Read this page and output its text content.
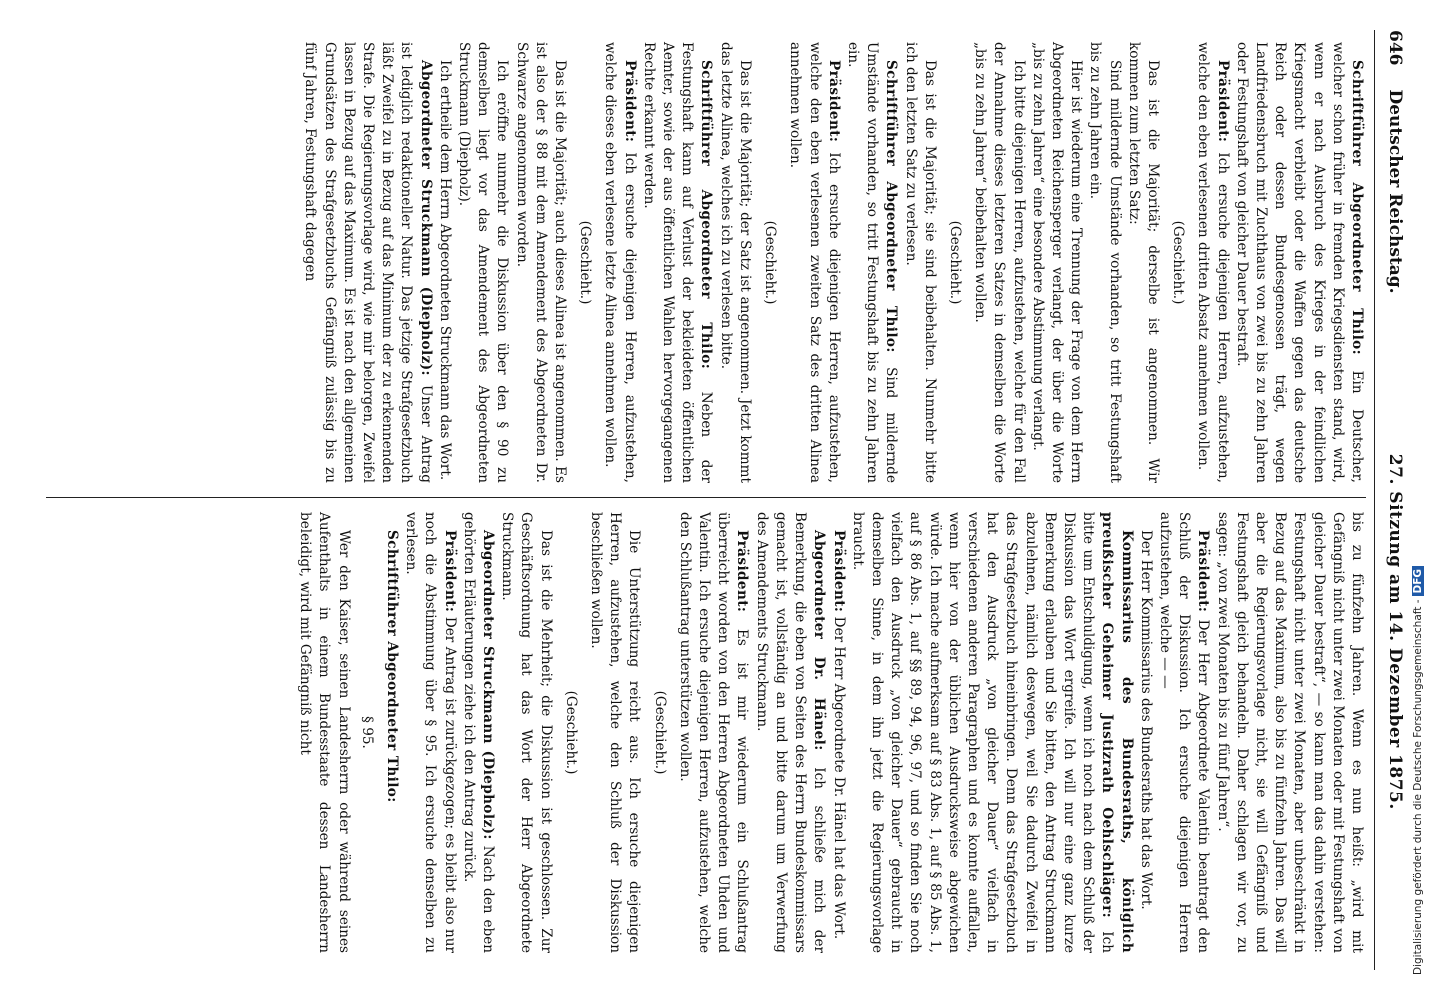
646
Deutscher Reichstag.
27. Sitzung am 14. Dezember 1875.

Schriftführer Abgeordneter Thilo: Ein Deutscher, welcher schon früher in fremden Kriegsdiensten stand, wird, wenn er nach Ausbruch des Krieges in der feindlichen Kriegsmacht verbleibt oder die Waffen gegen das deutsche Reich oder dessen Bundesgenossen trägt, wegen Landfriedensbruch mit Zuchthaus von zwei bis zu zehn Jahren oder Festungshaft von gleicher Dauer bestraft.

Präsident: Ich ersuche diejenigen Herren, aufzustehen, welche den eben verlesenen dritten Absatz annehmen wollen.

(Geschieht.)

Das ist die Majorität; derselbe ist angenommen. Wir kommen zum letzten Satz:

Sind mildernde Umstände vorhanden, so tritt Festungshaft bis zu zehn Jahren ein.

Hier ist wiederum eine Trennung der Frage von dem Herrn Abgeordneten Reichensperger verlangt, der über die Worte „bis zu zehn Jahren“ eine besondere Abstimmung verlangt.

Ich bitte diejenigen Herren, aufzustehen, welche für den Fall der Annahme dieses letzteren Satzes in demselben die Worte „bis zu zehn Jahren“ beibehalten wollen.

(Geschieht.)

Das ist die Majorität; sie sind beibehalten. Nunmehr bitte ich den letzten Satz zu verlesen.

Schriftführer Abgeordneter Thilo: Sind mildernde Umstände vorhanden, so tritt Festungshaft bis zu zehn Jahren ein.

Präsident: Ich ersuche diejenigen Herren, aufzustehen, welche den eben verlesenen zweiten Satz des dritten Alinea annehmen wollen.

(Geschieht.)

Das ist die Majorität; der Satz ist angenommen. Jetzt kommt das letzte Alinea, welches ich zu verlesen bitte.

Schriftführer Abgeordneter Thilo: Neben der Festungshaft kann auf Verlust der bekleideten öffentlichen Aemter, sowie der aus öffentlichen Wahlen hervorgegangenen Rechte erkannt werden.

Präsident: Ich ersuche diejenigen Herren, aufzustehen, welche dieses eben verlesene letzte Alinea annehmen wollen.

(Geschieht.)

Das ist die Majorität; auch dieses Alinea ist angenommen. Es ist also der § 88 mit dem Amendement des Abgeordneten Dr. Schwarze angenommen worden.

Ich eröffne nunmehr die Diskussion über den § 90 zu demselben liegt vor das Amendement des Abgeordneten Struckmann (Diepholz).

Ich ertheile dem Herrn Abgeordneten Struckmann das Wort.

Abgeordneter Struckmann (Diepholz): Unser Antrag ist lediglich redaktioneller Natur. Das jetzige Strafgesetzbuch läßt Zweifel zu in Bezug auf das Minimum der zu erkennenden Strafe. Die Regierungsvorlage wird, wie mir belorgen, Zweifel lassen in Bezug auf das Maximum. Es ist nach den allgemeinen Grundsätzen des Strafgesetzbuchs Gefängniß zulässig bis zu fünf Jahren, Festungshaft dagegen

bis zu fünfzehn Jahren. Wenn es nun heißt: „wird mit Gefängniß nicht unter zwei Monaten oder mit Festungshaft von gleicher Dauer bestraft“, — so kann man das dahin verstehen: Festungshaft nicht unter zwei Monaten, aber unbeschränkt in Bezug auf das Maximum, also bis zu fünfzehn Jahren. Das will aber die Regierungsvorlage nicht, sie will Gefängniß und Festungshaft gleich behandeln. Daher schlagen wir vor, zu sagen: „von zwei Monaten bis zu fünf Jahren“.

Präsident: Der Herr Abgeordnete Valentin beantragt den Schluß der Diskussion. Ich ersuche diejenigen Herren aufzustehen, welche — —

Der Herr Kommissarius des Bundesraths hat das Wort.

Kommissarius des Bundesraths, königlich preußischer Geheimer Justizrath Oehlschläger: Ich bitte um Entschuldigung, wenn ich noch nach dem Schluß der Diskussion das Wort ergreife. Ich will nur eine ganz kurze Bemerkung erlauben und Sie bitten, den Antrag Struckmann abzulehnen, nämlich deswegen, weil Sie dadurch Zweifel in das Strafgesetzbuch hineinbringen. Denn das Strafgesetzbuch hat den Ausdruck „von gleicher Dauer“ vielfach in verschiedenen anderen Paragraphen und es konnte auffallen, wenn hier von der üblichen Ausdrucksweise abgewichen würde. Ich mache aufmerksam auf § 83 Abs. 1, auf § 85 Abs. 1, auf § 86 Abs. 1, auf §§ 89, 94, 96, 97, und so finden Sie noch vielfach den Ausdruck „von gleicher Dauer“ gebraucht in demselben Sinne, in dem ihn jetzt die Regierungsvorlage braucht.

Präsident: Der Herr Abgeordnete Dr. Hänel hat das Wort.

Abgeordneter Dr. Hänel: Ich schließe mich der Bemerkung, die eben von Seiten des Herrn Bundeskommissars gemacht ist, vollständig an und bitte darum um Verwerfung des Amendements Struckmann.

Präsident: Es ist mir wiederum ein Schlußantrag überreicht worden von den Herren Abgeordneten Uhden und Valentin. Ich ersuche diejenigen Herren, aufzustehen, welche den Schlußantrag unterstützen wollen.

(Geschieht.)

Die Unterstützung reicht aus. Ich ersuche diejenigen Herren, aufzustehen, welche den Schluß der Diskussion beschließen wollen.

(Geschieht.)

Das ist die Mehrheit; die Diskussion ist geschlossen. Zur Geschäftsordnung hat das Wort der Herr Abgeordnete Struckmann.

Abgeordneter Struckmann (Diepholz): Nach den eben gehörten Erläuterungen ziehe ich den Antrag zurück.

Präsident: Der Antrag ist zurückgezogen; es bleibt also nur noch die Abstimmung über § 95. Ich ersuche denselben zu verlesen.

Schriftführer Abgeordneter Thilo:

§ 95.

Wer den Kaiser, seinen Landesherrn oder während seines Aufenthalts in einem Bundesstaate dessen Landesherrn beleidigt, wird mit Gefängniß nicht	Digitalisierung gefördert durch die Deutsche Forschungsgemeinschaft -DFG
